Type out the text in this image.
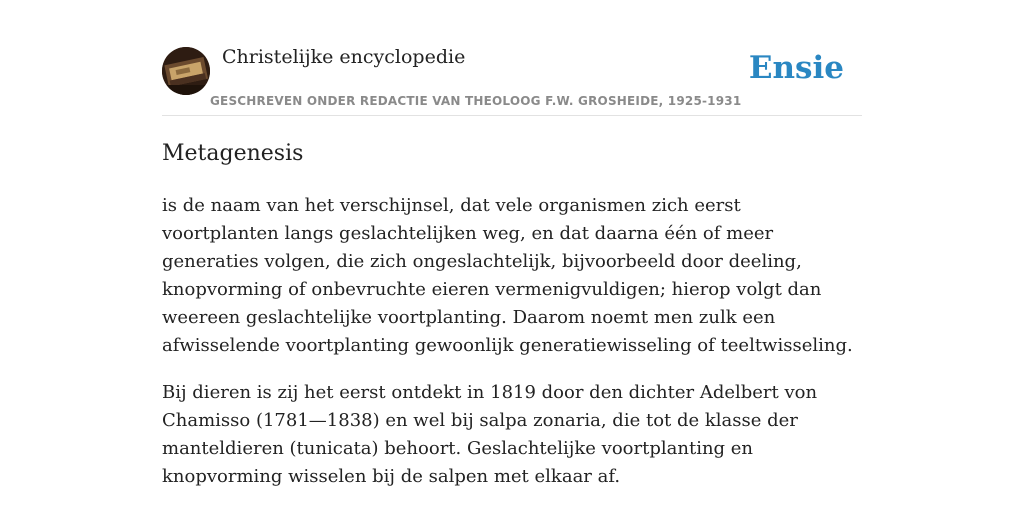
Christelijke encyclopedie
GESCHREVEN ONDER REDACTIE VAN THEOLOOG F.W. GROSHEIDE, 1925-1931
Ensie
Metagenesis

is de naam van het verschijnsel, dat vele organismen zich eerst voortplanten langs geslachtelijken weg, en dat daarna één of meer generaties volgen, die zich ongeslachtelijk, bijvoorbeeld door deeling, knopvorming of onbevruchte eieren vermenigvuldigen; hierop volgt dan weereen geslachtelijke voortplanting. Daarom noemt men zulk een afwisselende voortplanting gewoonlijk generatiewisseling of teeltwisseling.

Bij dieren is zij het eerst ontdekt in 1819 door den dichter Adelbert von Chamisso (1781—1838) en wel bij salpa zonaria, die tot de klasse der manteldieren (tunicata) behoort. Geslachtelijke voortplanting en knopvorming wisselen bij de salpen met elkaar af.
